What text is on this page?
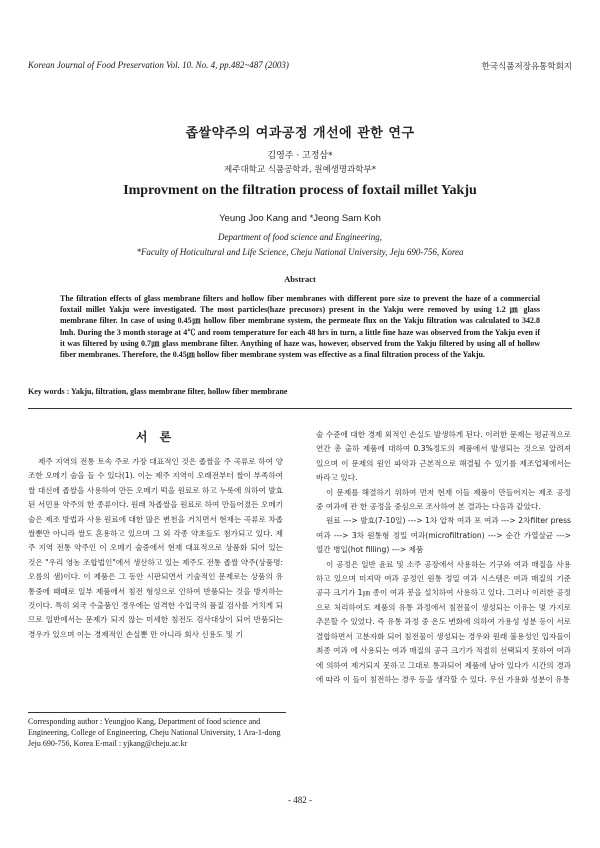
Korean Journal of Food Preservation Vol. 10. No. 4, pp.482~487 (2003)	한국식품저장유통학회지
좁쌀약주의 여과공정 개선에 관한 연구
김영주 · 고정삼*
제주대학교 식품공학과, 원예생명과학부*
Improvment on the filtration process of foxtail millet Yakju
Yeung Joo Kang and *Jeong Sam Koh
Department of food science and Engineering,
*Faculty of Hoticultural and Life Science, Cheju National University, Jeju 690-756, Korea
Abstract
The filtration effects of glass membrane filters and hollow fiber membranes with different pore size to prevent the haze of a commercial foxtail millet Yakju were investigated. The most particles(haze precusors) present in the Yakju were removed by using 1.2 ㎛ glass membrane filter. In case of using 0.45㎛ hollow fiber membrane system, the permeate flux on the Yakju filtration was calculated to 342.8 lmh. During the 3 month storage at 4℃ and room temperature for each 48 hrs in turn, a little fine haze was observed from the Yakju even if it was filtered by using 0.7㎛ glass membrane filter. Anything of haze was, however, observed from the Yakju filtered by using all of hollow fiber membranes. Therefore, the 0.45㎛ hollow fiber membrane system was effective as a final filtration process of the Yakju.
Key words : Yakju, filtration, glass membrane filter, hollow fiber membrane
서 론

제주 지역의 전통 토속 주로 가장 대표적인 것은 좁쌀을 주 곡류로 하여 양조한 오메기 술을 들 수 있다(1). 이는 제주 지역이 오래전부터 쌀이 부족하여 쌀 대신에 좁쌀을 사용하여 만든 오메기 떡을 원료로 하고 누룩에 의하여 발효된 서민용 약주의 한 종류이다. 원래 차좁쌀을 원료로 하여 만들어졌든 오메기 술은 제조 방법과 사용 원료에 대한 많은 변천을 거치면서 현재는 곡류로 차좁쌀뿐만 아니라 쌀도 혼용하고 있으며 그 외 각종 약초들도 첨가되고 있다. 제주 지역 전통 약주인 이 오메기 술중에서 현재 대표적으로 상품화 되어 있는 것은 "우리 영농 조합법인"에서 생산하고 있는 제주도 전통 좁쌀 약주(상품명: 오름의 샘)이다. 이 제품은 그 동안 시판되면서 기술적인 문제로는 상품의 유통중에 때때로 일부 제품에서 침전 형성으로 인하여 반품되는 것을 방지하는 것이다. 특히 외국 수출품인 경우에는 엄격한 수입국의 품질 검사를 거치게 되므로 일반에서는 문제가 되지 않는 미세한 침전도 검사대상이 되어 반품되는 경우가 있으며 이는 경제적인 손실뿐 만 아니라 회사 신용도 및 기

술 수준에 대한 경제 외적인 손실도 발생하게 된다. 이러한 문제는 평균적으로 연간 총 출하 제품에 대하여 0.3%정도의 제품에서 발생되는 것으로 알려져 있으며 이 문제의 원인 파악과 근본적으로 해결될 수 있기를 제조업체에서는 바라고 있다.

이 문제를 해결하기 위하여 먼저 현재 이들 제품이 만들어지는 제조 공정 중 여과에 관 한 공정을 중심으로 조사하여 본 결과는 다음과 같았다.

원료 ---> 발효(7-10일) ---> 1차 압착 여과 포 여과 ---> 2차filter press여과 ---> 3차 원통형 정밀 여과(microfiltration) ---> 순간 가열살균 ---> 열간 병입(hot filling) ---> 제품

이 공정은 일반 윤료 및 소주 공장에서 사용하는 기구와 여과 매질을 사용하고 있으며 미져막 여과 공정인 원통 정밀 여과 시스템은 여과 매질의 기준 공극 크기가 1㎛ 종이 여과 봉을 설치하여 사용하고 있다. 그러나 이러한 공정으로 처리하여도 제품의 유통 과정에서 침전물이 생성되는 이유는 몇 가지로 추론할 수 있었다. 즉 유통 과정 중 온도 변화에 의하여 가용성 성분 등이 서로 결합하면서 고분자화 되어 침전물이 생성되는 경우와 원래 불용성인 입자들이 최종 여과 에 사용되는 여과 매질의 공극 크기가 적절히 선택되지 못하여 여과에 의하여 제거되지 못하고 그대로 통과되어 제품에 남아 있다가 시간의 경과에 따라 이 들이 침전하는 경우 등을 생각할 수 있다. 우선 가용화 성분이 유통

Corresponding author : Yeungjoo Kang, Department of food science and Engineering, College of Engineering, Cheju National University, 1 Ara-1-dong Jeju 690-756, Korea E-mail : yjkang@cheju.ac.kr
- 482 -
